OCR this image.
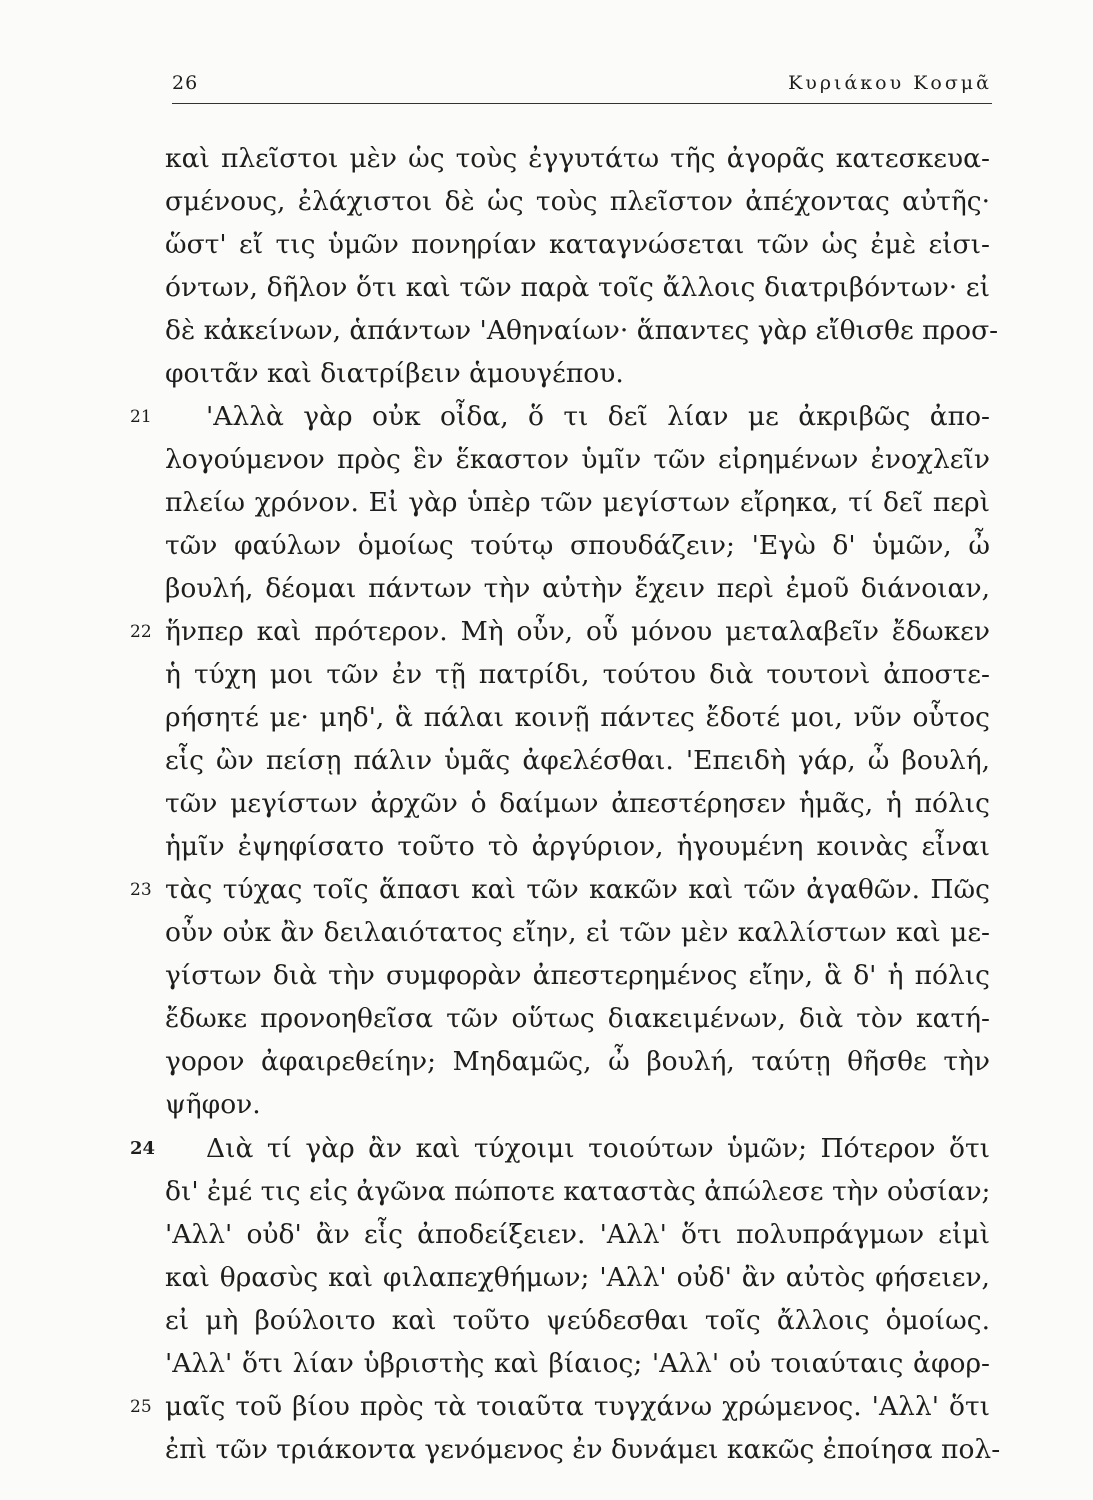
26	Κυριάκου Κοσμᾶ
καὶ πλεῖστοι μὲν ὡς τοὺς ἐγγυτάτω τῆς ἀγορᾶς κατεσκευα-
σμένους, ἐλάχιστοι δὲ ὡς τοὺς πλεῖστον ἀπέχοντας αὐτῆς·
ὥστ' εἴ τις ὑμῶν πονηρίαν καταγνώσεται τῶν ὡς ἐμὲ εἰσι-
όντων, δῆλον ὅτι καὶ τῶν παρὰ τοῖς ἄλλοις διατριβόντων· εἰ
δὲ κἀκείνων, ἁπάντων 'Αθηναίων· ἅπαντες γὰρ εἴθισθε προσ-
φοιτᾶν καὶ διατρίβειν ἁμουγέπου.
21 'Αλλὰ γὰρ οὐκ οἶδα, ὅ τι δεῖ λίαν με ἀκριβῶς ἀπο-
λογούμενον πρὸς ἓν ἕκαστον ὑμῖν τῶν εἰρημένων ἐνοχλεῖν
πλείω χρόνον. Εἰ γὰρ ὑπὲρ τῶν μεγίστων εἴρηκα, τί δεῖ περὶ
τῶν φαύλων ὁμοίως τούτῳ σπουδάζειν; 'Εγὼ δ' ὑμῶν, ὦ
βουλή, δέομαι πάντων τὴν αὐτὴν ἔχειν περὶ ἐμοῦ διάνοιαν,
22 ἥνπερ καὶ πρότερον. Μὴ οὖν, οὗ μόνου μεταλαβεῖν ἔδωκεν
ἡ τύχη μοι τῶν ἐν τῇ πατρίδι, τούτου διὰ τουτονὶ ἀποστε-
ρήσητέ με· μηδ', ἃ πάλαι κοινῇ πάντες ἔδοτέ μοι, νῦν οὗτος
εἷς ὢν πείσῃ πάλιν ὑμᾶς ἀφελέσθαι. 'Επειδὴ γάρ, ὦ βουλή,
τῶν μεγίστων ἀρχῶν ὁ δαίμων ἀπεστέρησεν ἡμᾶς, ἡ πόλις
ἡμῖν ἐψηφίσατο τοῦτο τὸ ἀργύριον, ἡγουμένη κοινὰς εἶναι
23 τὰς τύχας τοῖς ἅπασι καὶ τῶν κακῶν καὶ τῶν ἀγαθῶν. Πῶς
οὖν οὐκ ἂν δειλαιότατος εἴην, εἰ τῶν μὲν καλλίστων καὶ με-
γίστων διὰ τὴν συμφορὰν ἀπεστερημένος εἴην, ἃ δ' ἡ πόλις
ἔδωκε προνοηθεῖσα τῶν οὕτως διακειμένων, διὰ τὸν κατή-
γορον ἀφαιρεθείην; Μηδαμῶς, ὦ βουλή, ταύτῃ θῆσθε τὴν
ψῆφον.
24 Διὰ τί γὰρ ἂν καὶ τύχοιμι τοιούτων ὑμῶν; Πότερον ὅτι
δι' ἐμέ τις εἰς ἀγῶνα πώποτε καταστὰς ἀπώλεσε τὴν οὐσίαν;
'Αλλ' οὐδ' ἂν εἷς ἀποδείξειεν. 'Αλλ' ὅτι πολυπράγμων εἰμὶ
καὶ θρασὺς καὶ φιλαπεχθήμων; 'Αλλ' οὐδ' ἂν αὐτὸς φήσειεν,
εἰ μὴ βούλοιτο καὶ τοῦτο ψεύδεσθαι τοῖς ἄλλοις ὁμοίως.
'Αλλ' ὅτι λίαν ὑβριστὴς καὶ βίαιος; 'Αλλ' οὐ τοιαύταις ἀφορ-
25 μαῖς τοῦ βίου πρὸς τὰ τοιαῦτα τυγχάνω χρώμενος. 'Αλλ' ὅτι
ἐπὶ τῶν τριάκοντα γενόμενος ἐν δυνάμει κακῶς ἐποίησα πολ-
